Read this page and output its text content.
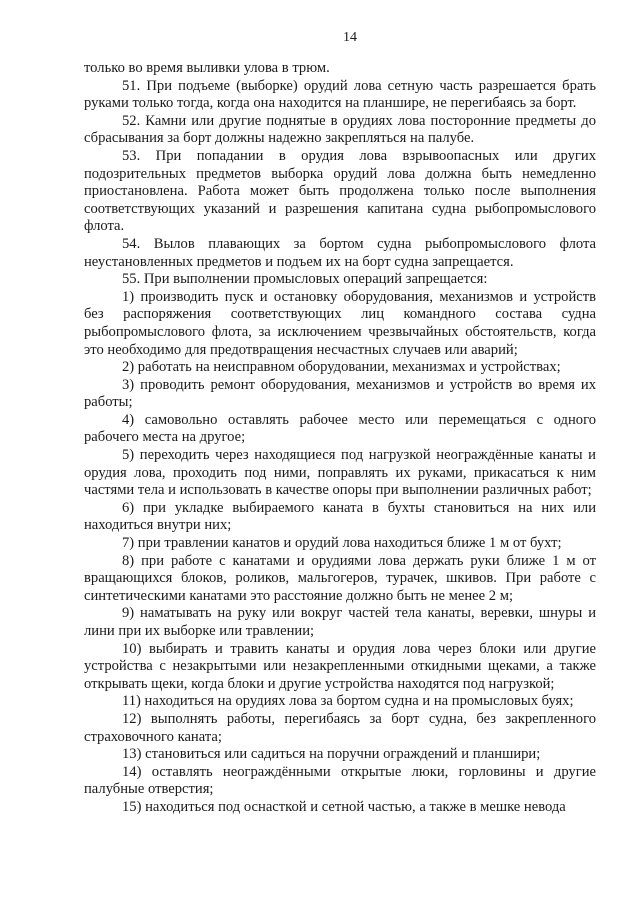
14

только во время выливки улова в трюм.

51. При подъеме (выборке) орудий лова сетную часть разрешается брать руками только тогда, когда она находится на планшире, не перегибаясь за борт.

52. Камни или другие поднятые в орудиях лова посторонние предметы до сбрасывания за борт должны надежно закрепляться на палубе.

53. При попадании в орудия лова взрывоопасных или других подозрительных предметов выборка орудий лова должна быть немедленно приостановлена. Работа может быть продолжена только после выполнения соответствующих указаний и разрешения капитана судна рыбопромыслового флота.

54. Вылов плавающих за бортом судна рыбопромыслового флота неустановленных предметов и подъем их на борт судна запрещается.

55. При выполнении промысловых операций запрещается:

1) производить пуск и остановку оборудования, механизмов и устройств без распоряжения соответствующих лиц командного состава судна рыбопромыслового флота, за исключением чрезвычайных обстоятельств, когда это необходимо для предотвращения несчастных случаев или аварий;

2) работать на неисправном оборудовании, механизмах и устройствах;

3) проводить ремонт оборудования, механизмов и устройств во время их работы;

4) самовольно оставлять рабочее место или перемещаться с одного рабочего места на другое;

5) переходить через находящиеся под нагрузкой неограждённые канаты и орудия лова, проходить под ними, поправлять их руками, прикасаться к ним частями тела и использовать в качестве опоры при выполнении различных работ;

6) при укладке выбираемого каната в бухты становиться на них или находиться внутри них;

7) при травлении канатов и орудий лова находиться ближе 1 м от бухт;

8) при работе с канатами и орудиями лова держать руки ближе 1 м от вращающихся блоков, роликов, мальгогеров, турачек, шкивов. При работе с синтетическими канатами это расстояние должно быть не менее 2 м;

9) наматывать на руку или вокруг частей тела канаты, веревки, шнуры и лини при их выборке или травлении;

10) выбирать и травить канаты и орудия лова через блоки или другие устройства с незакрытыми или незакрепленными откидными щеками, а также открывать щеки, когда блоки и другие устройства находятся под нагрузкой;

11) находиться на орудиях лова за бортом судна и на промысловых буях;

12) выполнять работы, перегибаясь за борт судна, без закрепленного страховочного каната;

13) становиться или садиться на поручни ограждений и планшири;

14) оставлять неограждёнными открытые люки, горловины и другие палубные отверстия;

15) находиться под оснасткой и сетной частью, а также в мешке невода
